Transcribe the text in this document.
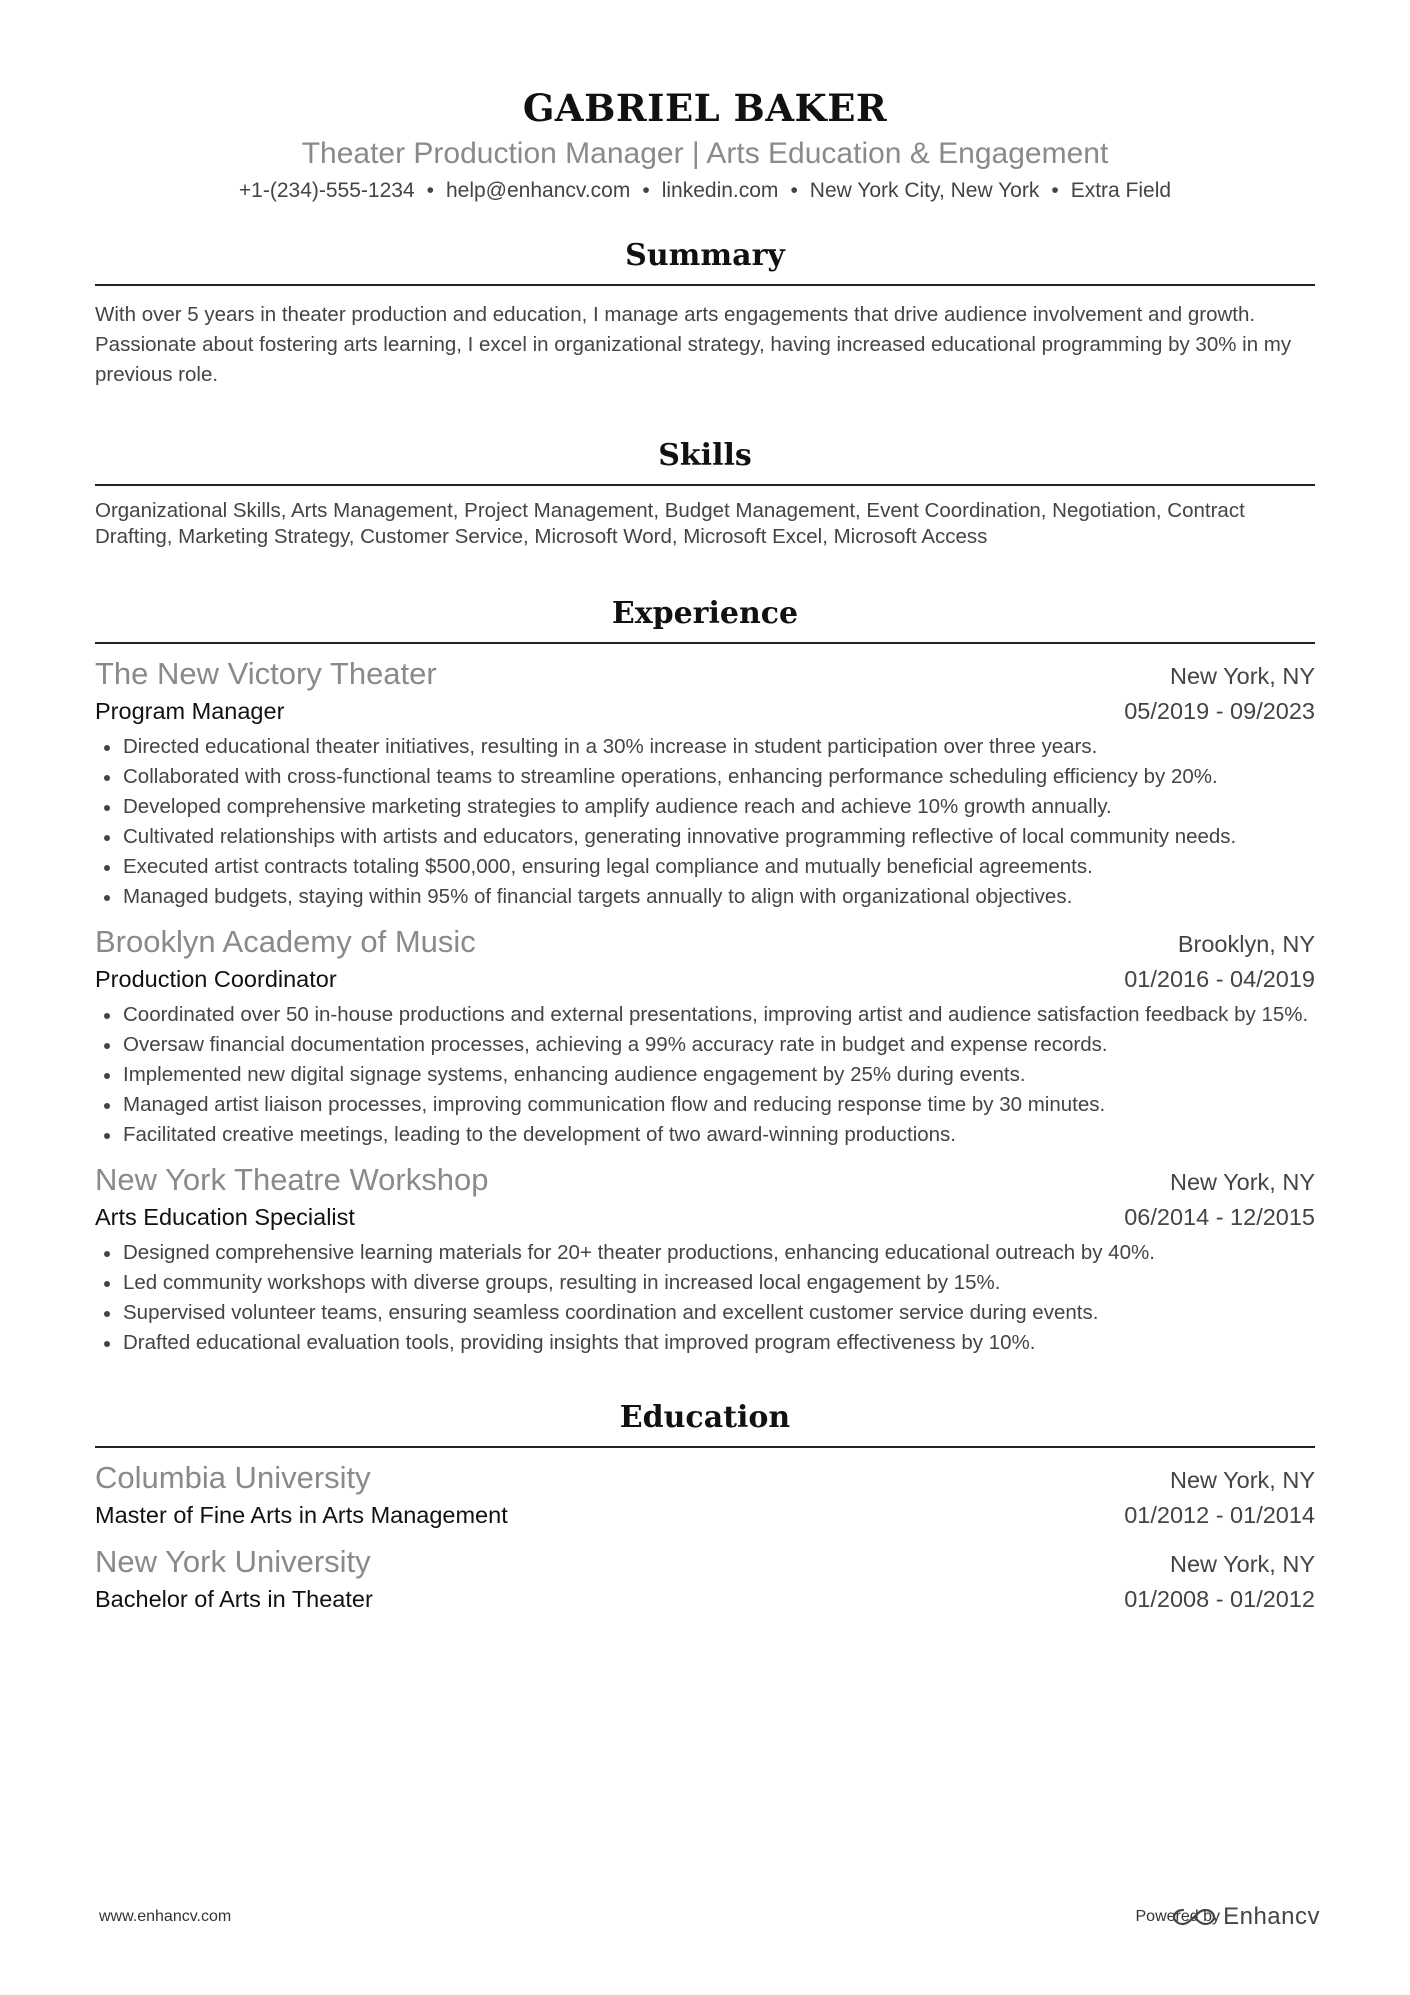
GABRIEL BAKER
Theater Production Manager | Arts Education & Engagement
+1-(234)-555-1234 • help@enhancv.com • linkedin.com • New York City, New York • Extra Field
Summary

With over 5 years in theater production and education, I manage arts engagements that drive audience involvement and growth. Passionate about fostering arts learning, I excel in organizational strategy, having increased educational programming by 30% in my previous role.

Skills

Organizational Skills, Arts Management, Project Management, Budget Management, Event Coordination, Negotiation, Contract Drafting, Marketing Strategy, Customer Service, Microsoft Word, Microsoft Excel, Microsoft Access

Experience
The New Victory Theater	New York, NY
Program Manager	05/2019 - 09/2023
Directed educational theater initiatives, resulting in a 30% increase in student participation over three years.
Collaborated with cross-functional teams to streamline operations, enhancing performance scheduling efficiency by 20%.
Developed comprehensive marketing strategies to amplify audience reach and achieve 10% growth annually.
Cultivated relationships with artists and educators, generating innovative programming reflective of local community needs.
Executed artist contracts totaling $500,000, ensuring legal compliance and mutually beneficial agreements.
Managed budgets, staying within 95% of financial targets annually to align with organizational objectives.
Brooklyn Academy of Music	Brooklyn, NY
Production Coordinator	01/2016 - 04/2019
Coordinated over 50 in-house productions and external presentations, improving artist and audience satisfaction feedback by 15%.
Oversaw financial documentation processes, achieving a 99% accuracy rate in budget and expense records.
Implemented new digital signage systems, enhancing audience engagement by 25% during events.
Managed artist liaison processes, improving communication flow and reducing response time by 30 minutes.
Facilitated creative meetings, leading to the development of two award-winning productions.
New York Theatre Workshop	New York, NY
Arts Education Specialist	06/2014 - 12/2015
Designed comprehensive learning materials for 20+ theater productions, enhancing educational outreach by 40%.
Led community workshops with diverse groups, resulting in increased local engagement by 15%.
Supervised volunteer teams, ensuring seamless coordination and excellent customer service during events.
Drafted educational evaluation tools, providing insights that improved program effectiveness by 10%.
Education
Columbia University	New York, NY
Master of Fine Arts in Arts Management	01/2012 - 01/2014
New York University	New York, NY
Bachelor of Arts in Theater	01/2008 - 01/2012
www.enhancv.com	Powered by Enhancv
